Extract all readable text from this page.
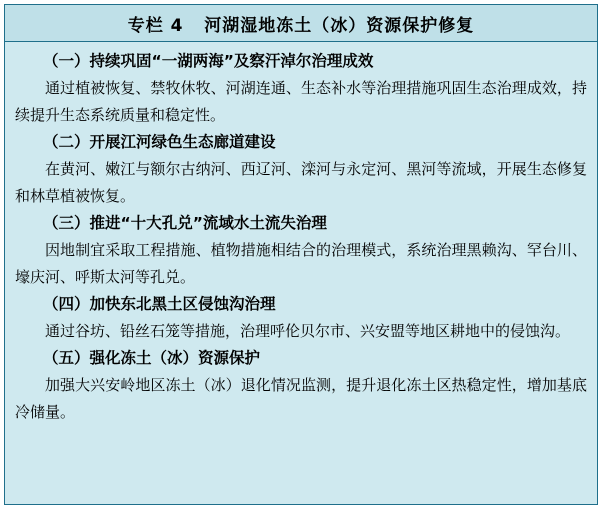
专栏 4   河湖湿地冻土（冰）资源保护修复

（一）持续巩固“一湖两海”及察汗淖尔治理成效

通过植被恢复、禁牧休牧、河湖连通、生态补水等治理措施巩固生态治理成效，持续提升生态系统质量和稳定性。

（二）开展江河绿色生态廊道建设

在黄河、嫩江与额尔古纳河、西辽河、滦河与永定河、黑河等流域，开展生态修复和林草植被恢复。

（三）推进“十大孔兑”流域水土流失治理

因地制宜采取工程措施、植物措施相结合的治理模式，系统治理黑赖沟、罕台川、壕庆河、呼斯太河等孔兑。

（四）加快东北黑土区侵蚀沟治理

通过谷坊、铅丝石笼等措施，治理呼伦贝尔市、兴安盟等地区耕地中的侵蚀沟。

（五）强化冻土（冰）资源保护

加强大兴安岭地区冻土（冰）退化情况监测，提升退化冻土区热稳定性，增加基底冷储量。
